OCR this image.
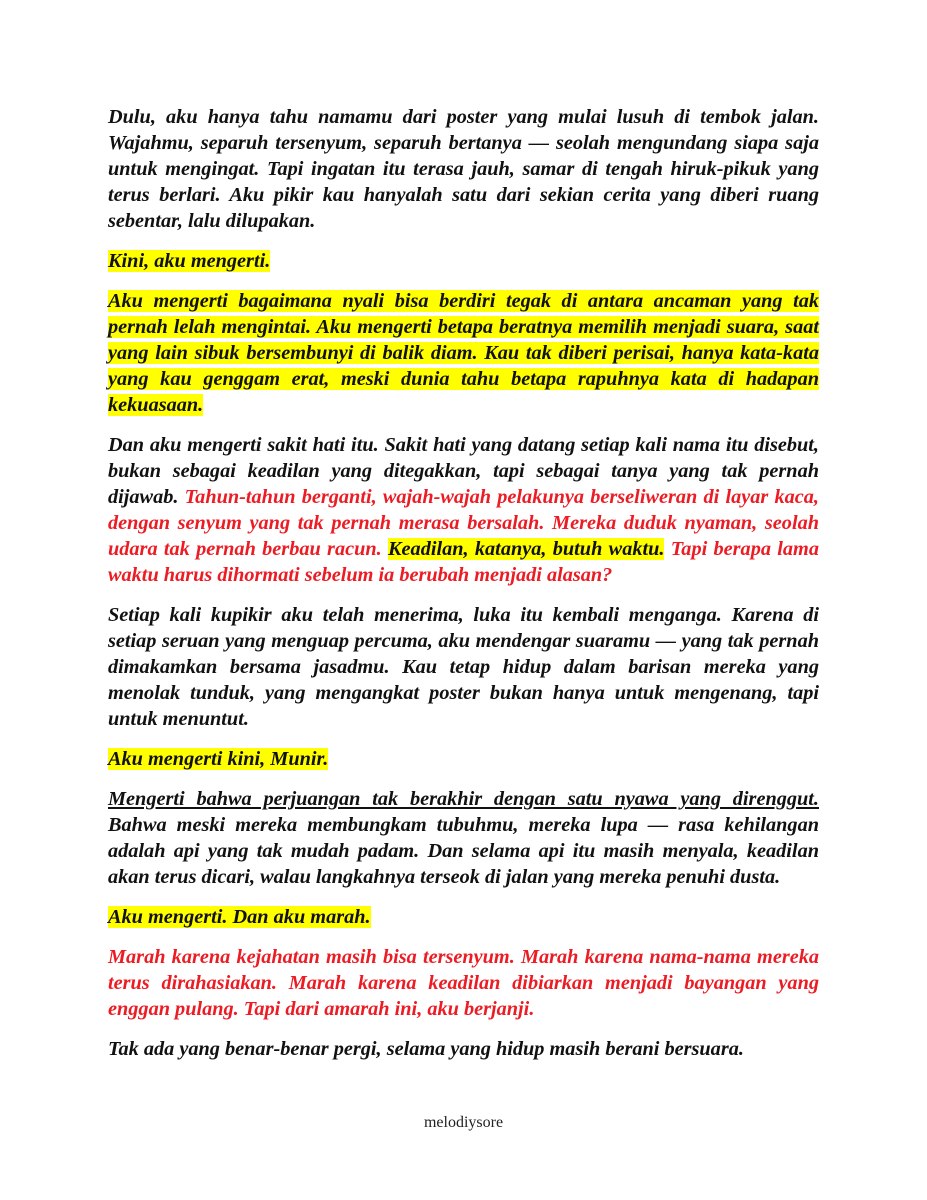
Dulu, aku hanya tahu namamu dari poster yang mulai lusuh di tembok jalan. Wajahmu, separuh tersenyum, separuh bertanya — seolah mengundang siapa saja untuk mengingat. Tapi ingatan itu terasa jauh, samar di tengah hiruk-pikuk yang terus berlari. Aku pikir kau hanyalah satu dari sekian cerita yang diberi ruang sebentar, lalu dilupakan.

Kini, aku mengerti.

Aku mengerti bagaimana nyali bisa berdiri tegak di antara ancaman yang tak pernah lelah mengintai. Aku mengerti betapa beratnya memilih menjadi suara, saat yang lain sibuk bersembunyi di balik diam. Kau tak diberi perisai, hanya kata-kata yang kau genggam erat, meski dunia tahu betapa rapuhnya kata di hadapan kekuasaan.

Dan aku mengerti sakit hati itu. Sakit hati yang datang setiap kali nama itu disebut, bukan sebagai keadilan yang ditegakkan, tapi sebagai tanya yang tak pernah dijawab. Tahun-tahun berganti, wajah-wajah pelakunya berseliweran di layar kaca, dengan senyum yang tak pernah merasa bersalah. Mereka duduk nyaman, seolah udara tak pernah berbau racun. Keadilan, katanya, butuh waktu. Tapi berapa lama waktu harus dihormati sebelum ia berubah menjadi alasan?

Setiap kali kupikir aku telah menerima, luka itu kembali menganga. Karena di setiap seruan yang menguap percuma, aku mendengar suaramu — yang tak pernah dimakamkan bersama jasadmu. Kau tetap hidup dalam barisan mereka yang menolak tunduk, yang mengangkat poster bukan hanya untuk mengenang, tapi untuk menuntut.

Aku mengerti kini, Munir.

Mengerti bahwa perjuangan tak berakhir dengan satu nyawa yang direnggut. Bahwa meski mereka membungkam tubuhmu, mereka lupa — rasa kehilangan adalah api yang tak mudah padam. Dan selama api itu masih menyala, keadilan akan terus dicari, walau langkahnya terseok di jalan yang mereka penuhi dusta.

Aku mengerti. Dan aku marah.

Marah karena kejahatan masih bisa tersenyum. Marah karena nama-nama mereka terus dirahasiakan. Marah karena keadilan dibiarkan menjadi bayangan yang enggan pulang. Tapi dari amarah ini, aku berjanji.

Tak ada yang benar-benar pergi, selama yang hidup masih berani bersuara.

melodiysore
